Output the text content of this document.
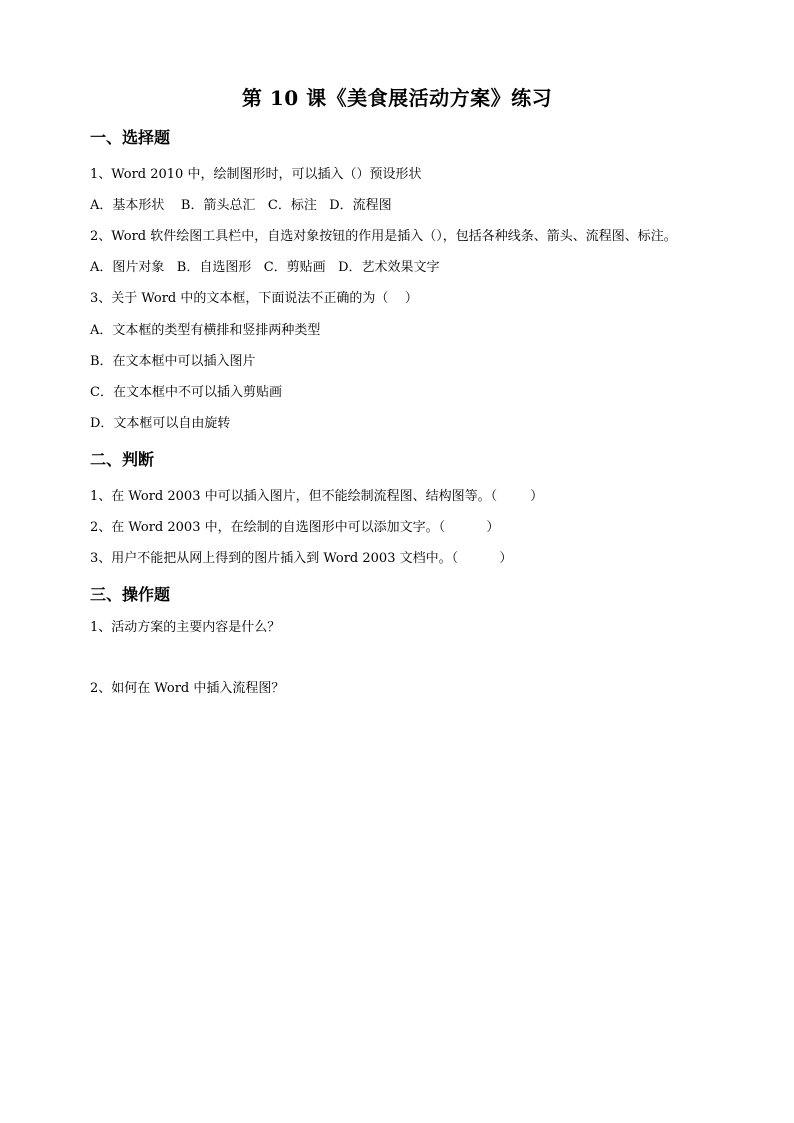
第 10 课《美食展活动方案》练习
一、选择题
1、Word 2010 中，绘制图形时，可以插入（）预设形状
A．基本形状    B．箭头总汇   C．标注   D．流程图
2、Word 软件绘图工具栏中，自选对象按钮的作用是插入（），包括各种线条、箭头、流程图、标注。
A．图片对象   B．自选图形   C．剪贴画   D．艺术效果文字
3、关于 Word 中的文本框，下面说法不正确的为（    ）
A．文本框的类型有横排和竖排两种类型
B．在文本框中可以插入图片
C．在文本框中不可以插入剪贴画
D．文本框可以自由旋转
二、判断
1、在 Word 2003 中可以插入图片，但不能绘制流程图、结构图等。（        ）
2、在 Word 2003 中，在绘制的自选图形中可以添加文字。（          ）
3、用户不能把从网上得到的图片插入到 Word 2003 文档中。（          ）
三、操作题
1、活动方案的主要内容是什么？
2、如何在 Word 中插入流程图？
